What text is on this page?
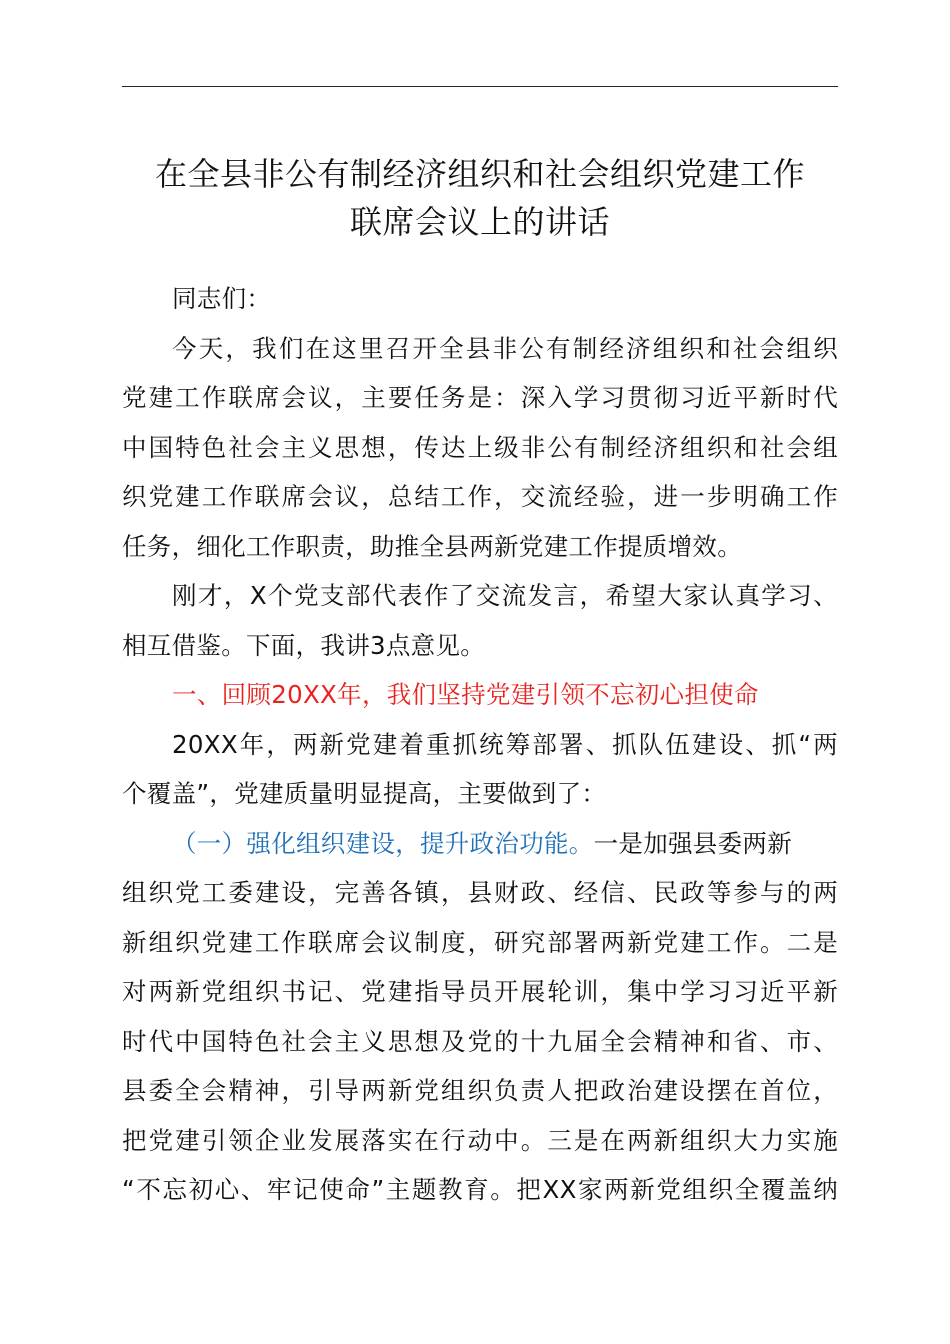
在全县非公有制经济组织和社会组织党建工作
联席会议上的讲话
同志们：
今天，我们在这里召开全县非公有制经济组织和社会组织
党建工作联席会议，主要任务是：深入学习贯彻习近平新时代
中国特色社会主义思想，传达上级非公有制经济组织和社会组
织党建工作联席会议，总结工作，交流经验，进一步明确工作
任务，细化工作职责，助推全县两新党建工作提质增效。
刚才，X个党支部代表作了交流发言，希望大家认真学习、
相互借鉴。下面，我讲3点意见。
一、回顾20XX年，我们坚持党建引领不忘初心担使命
20XX年，两新党建着重抓统筹部署、抓队伍建设、抓“两
个覆盖”，党建质量明显提高，主要做到了：
（一）强化组织建设，提升政治功能。一是加强县委两新
组织党工委建设，完善各镇，县财政、经信、民政等参与的两
新组织党建工作联席会议制度，研究部署两新党建工作。二是
对两新党组织书记、党建指导员开展轮训，集中学习习近平新
时代中国特色社会主义思想及党的十九届全会精神和省、市、
县委全会精神，引导两新党组织负责人把政治建设摆在首位，
把党建引领企业发展落实在行动中。三是在两新组织大力实施
“不忘初心、牢记使命”主题教育。把XX家两新党组织全覆盖纳
